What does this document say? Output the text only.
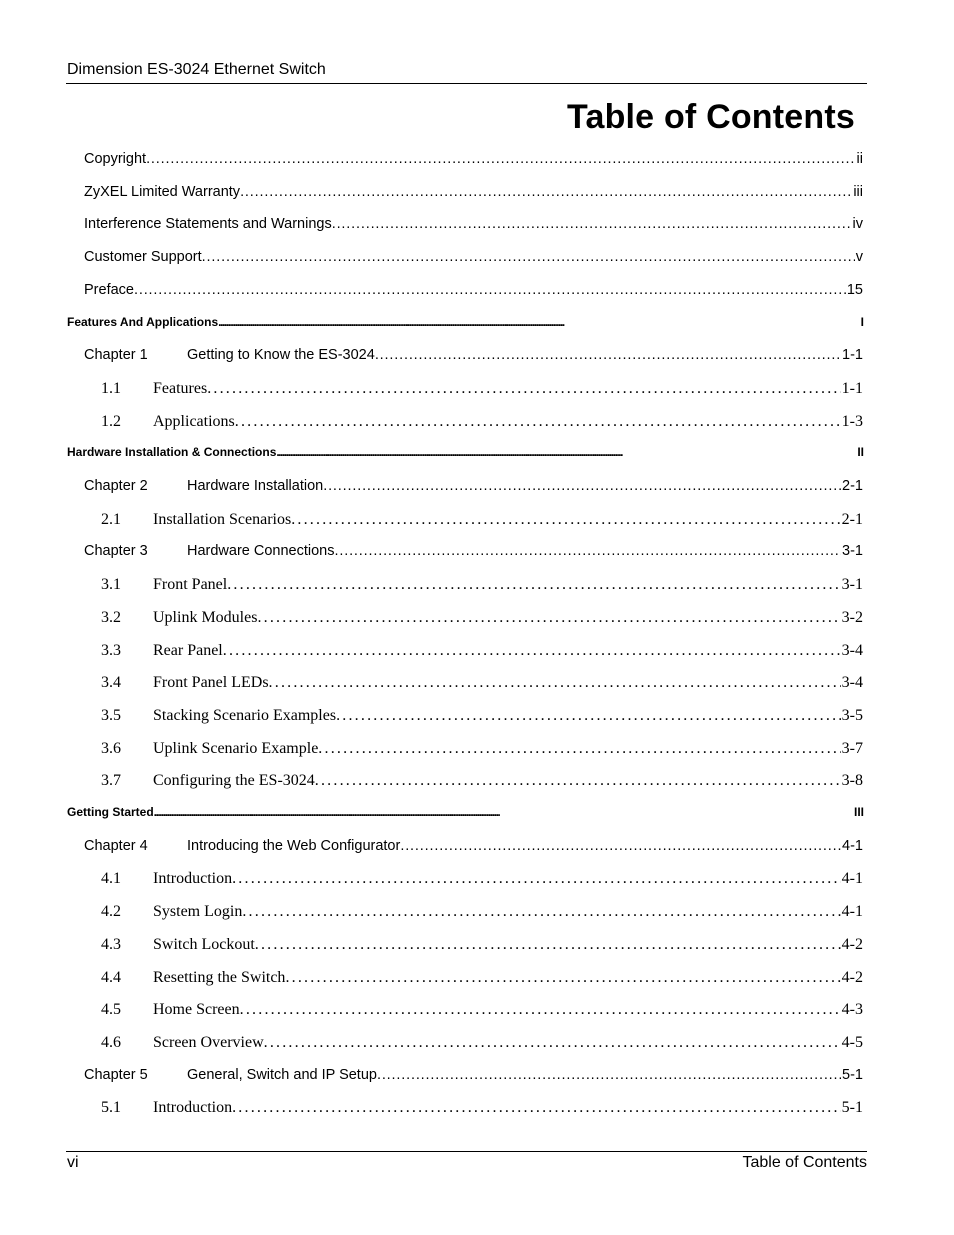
Dimension ES-3024 Ethernet Switch
Table of Contents
Copyright . . .	ii
ZyXEL Limited Warranty . . .	iii
Interference Statements and Warnings . . .	iv
Customer Support . . .	v
Preface . . .	15
Features And Applications . . .	I
Chapter 1	Getting to Know the ES-3024 . . .	1-1
1.1	Features . . .	1-1
1.2	Applications . . .	1-3
Hardware Installation & Connections . . .	II
Chapter 2	Hardware Installation . . .	2-1
2.1	Installation Scenarios . . .	2-1
Chapter 3	Hardware Connections . . .	3-1
3.1	Front Panel . . .	3-1
3.2	Uplink Modules . . .	3-2
3.3	Rear Panel . . .	3-4
3.4	Front Panel LEDs . . .	3-4
3.5	Stacking Scenario Examples . . .	3-5
3.6	Uplink Scenario Example . . .	3-7
3.7	Configuring the ES-3024 . . .	3-8
Getting Started . . .	III
Chapter 4	Introducing the Web Configurator . . .	4-1
4.1	Introduction . . .	4-1
4.2	System Login . . .	4-1
4.3	Switch Lockout . . .	4-2
4.4	Resetting the Switch . . .	4-2
4.5	Home Screen . . .	4-3
4.6	Screen Overview . . .	4-5
Chapter 5	General, Switch and IP Setup . . .	5-1
5.1	Introduction . . .	5-1
vi	Table of Contents
